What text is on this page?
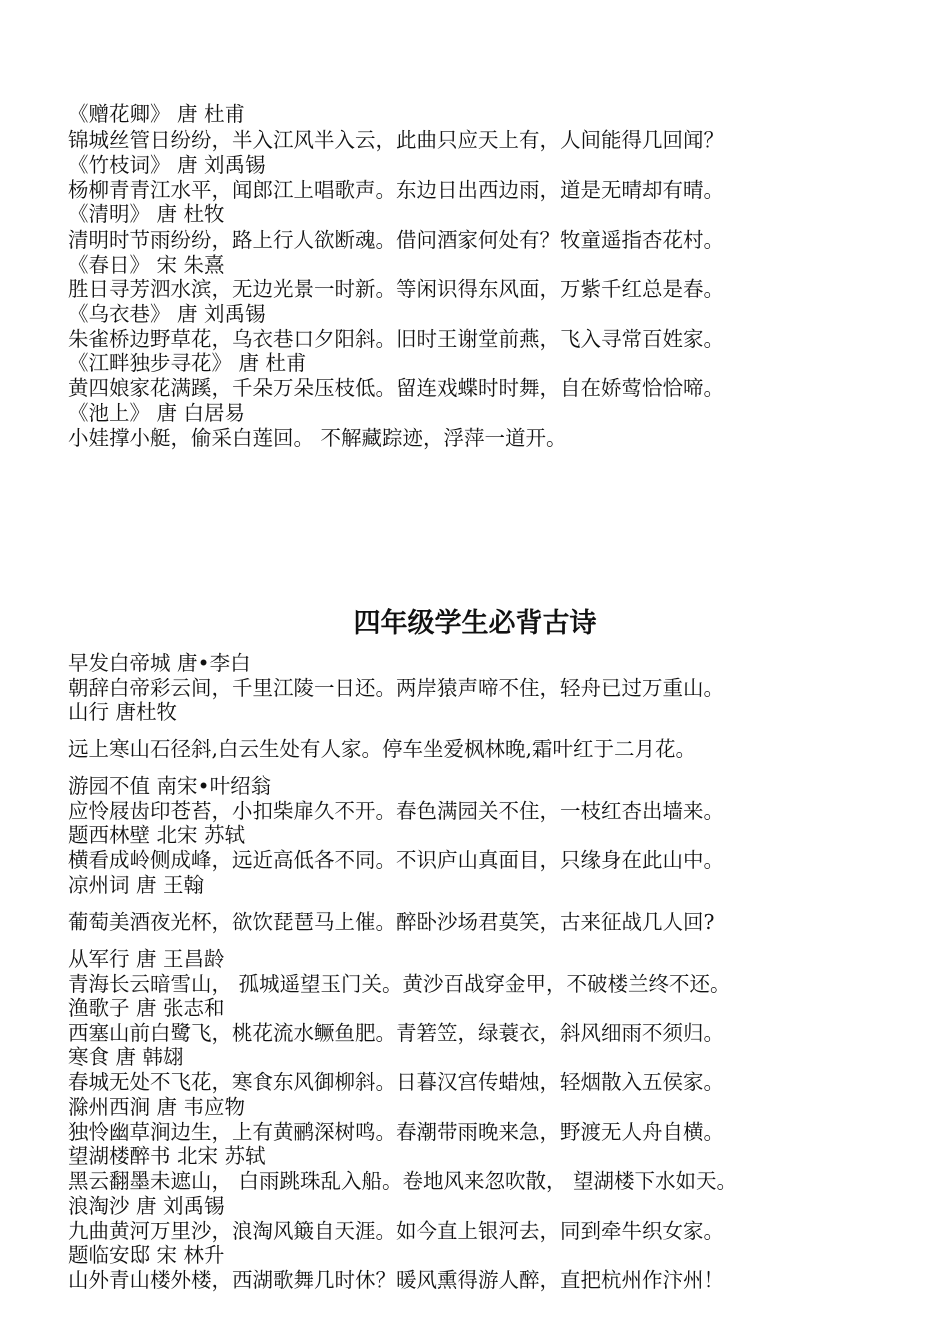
《赠花卿》 唐 杜甫
锦城丝管日纷纷，半入江风半入云，此曲只应天上有，人间能得几回闻？
《竹枝词》 唐 刘禹锡
杨柳青青江水平，闻郎江上唱歌声。东边日出西边雨，道是无晴却有晴。
《清明》 唐 杜牧
清明时节雨纷纷，路上行人欲断魂。借问酒家何处有？牧童遥指杏花村。
《春日》 宋 朱熹
胜日寻芳泗水滨，无边光景一时新。等闲识得东风面，万紫千红总是春。
《乌衣巷》 唐 刘禹锡
朱雀桥边野草花，乌衣巷口夕阳斜。旧时王谢堂前燕，飞入寻常百姓家。
《江畔独步寻花》 唐 杜甫
黄四娘家花满蹊，千朵万朵压枝低。留连戏蝶时时舞，自在娇莺恰恰啼。
《池上》 唐 白居易
小娃撑小艇，偷采白莲回。 不解藏踪迹，浮萍一道开。
四年级学生必背古诗
早发白帝城 唐•李白
朝辞白帝彩云间，千里江陵一日还。两岸猿声啼不住，轻舟已过万重山。
山行 唐杜牧
远上寒山石径斜,白云生处有人家。停车坐爱枫林晚,霜叶红于二月花。
游园不值 南宋•叶绍翁
应怜屐齿印苍苔，小扣柴扉久不开。春色满园关不住，一枝红杏出墙来。
题西林壁 北宋 苏轼
横看成岭侧成峰，远近高低各不同。不识庐山真面目，只缘身在此山中。
凉州词 唐 王翰
葡萄美酒夜光杯，欲饮琵琶马上催。醉卧沙场君莫笑，古来征战几人回?
从军行 唐 王昌龄
青海长云暗雪山， 孤城遥望玉门关。黄沙百战穿金甲，不破楼兰终不还。
渔歌子 唐 张志和
西塞山前白鹭飞，桃花流水鳜鱼肥。青箬笠，绿蓑衣，斜风细雨不须归。
寒食 唐 韩翃
春城无处不飞花，寒食东风御柳斜。日暮汉宫传蜡烛，轻烟散入五侯家。
滁州西涧 唐 韦应物
独怜幽草涧边生，上有黄鹂深树鸣。春潮带雨晚来急，野渡无人舟自横。
望湖楼醉书 北宋 苏轼
黑云翻墨未遮山， 白雨跳珠乱入船。卷地风来忽吹散， 望湖楼下水如天。
浪淘沙 唐 刘禹锡
九曲黄河万里沙，浪淘风簸自天涯。如今直上银河去，同到牵牛织女家。
题临安邸 宋 林升
山外青山楼外楼，西湖歌舞几时休？暖风熏得游人醉，直把杭州作汴州！
